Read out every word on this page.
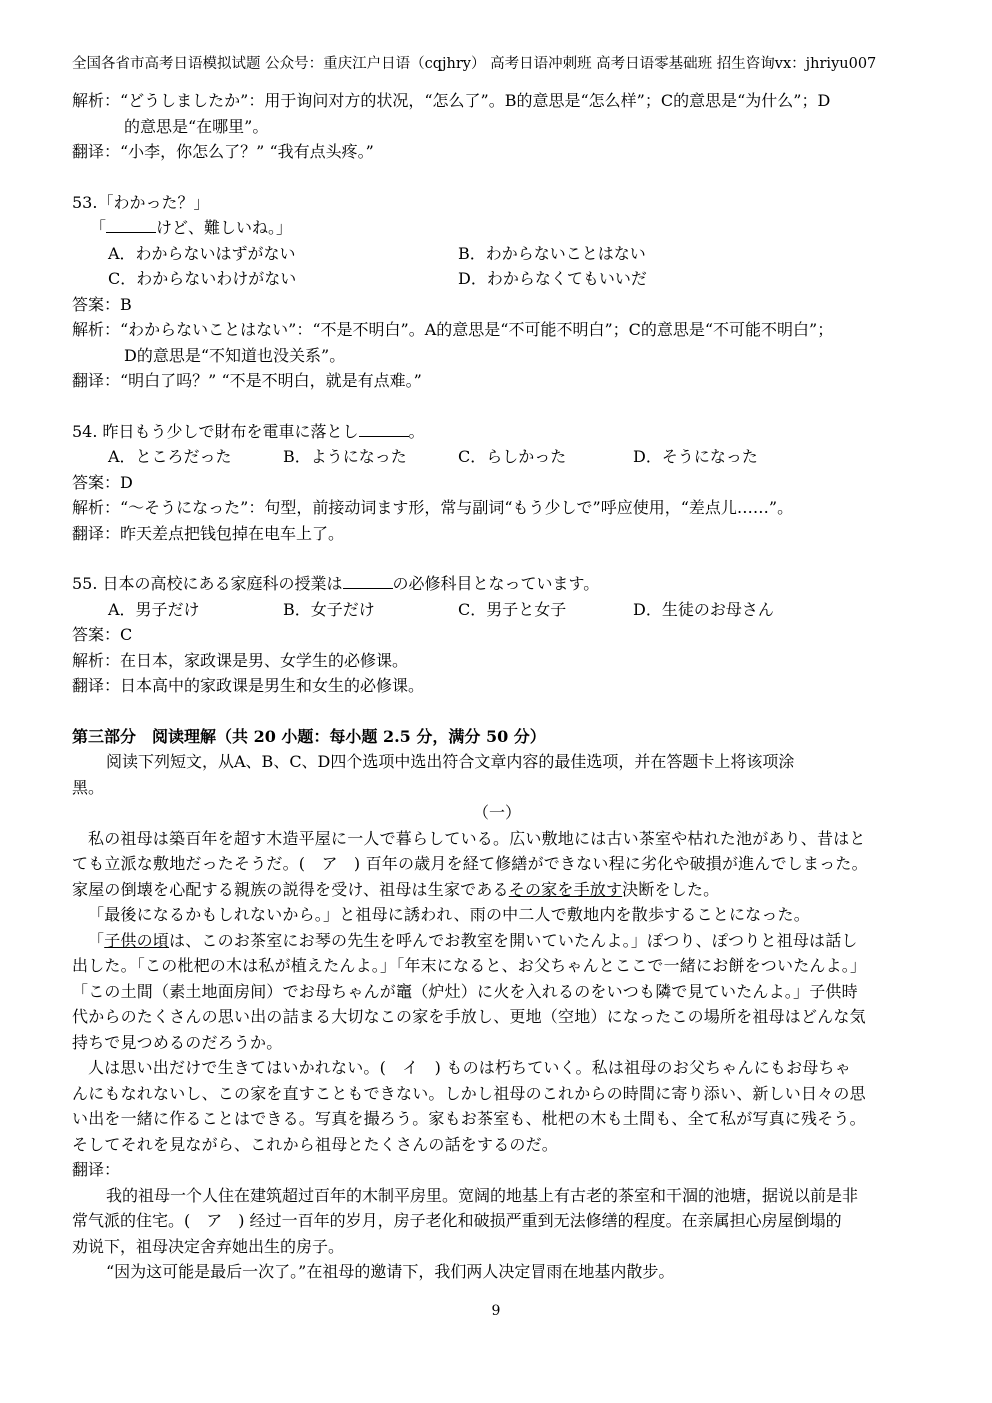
全国各省市高考日语模拟试题 公众号：重庆江户日语（cqjhry） 高考日语冲刺班 高考日语零基础班 招生咨询vx：jhriyu007
解析：“どうしましたか”：用于询问对方的状况，“怎么了”。B的意思是“怎么样”；C的意思是“为什么”；D
的意思是“在哪里”。
翻译：“小李，你怎么了？” “我有点头疼。”
53.「わかった？」
「	けど、難しいね。」
A．わからないはずがない	B．わからないことはない
C．わからないわけがない	D．わからなくてもいいだ
答案：B
解析：“わからないことはない”：“不是不明白”。A的意思是“不可能不明白”；C的意思是“不可能不明白”；
D的意思是“不知道也没关系”。
翻译：“明白了吗？” “不是不明白，就是有点难。”
54. 昨日もう少しで財布を電車に落とし	。
A．ところだった	B．ようになった	C．らしかった	D．そうになった
答案：D
解析：“～そうになった”：句型，前接动词ます形，常与副词“もう少しで”呼应使用，“差点儿……”。
翻译：昨天差点把钱包掉在电车上了。
55. 日本の高校にある家庭科の授業は	の必修科目となっています。
A．男子だけ	B．女子だけ	C．男子と女子	D．生徒のお母さん
答案：C
解析：在日本，家政课是男、女学生的必修课。
翻译：日本高中的家政课是男生和女生的必修课。
第三部分　阅读理解（共 20 小题：每小题 2.5 分，满分 50 分）
阅读下列短文，从A、B、C、D四个选项中选出符合文章内容的最佳选项，并在答题卡上将该项涂
黑。
（一）
私の祖母は築百年を超す木造平屋に一人で暮らしている。広い敷地には古い茶室や枯れた池があり、昔はと
ても立派な敷地だったそうだ。(　ア　) 百年の歳月を経て修繕ができない程に劣化や破損が進んでしまった。
家屋の倒壊を心配する親族の説得を受け、祖母は生家であるその家を手放す決断をした。
「最後になるかもしれないから。」と祖母に誘われ、雨の中二人で敷地内を散歩することになった。
「子供の頃は、このお茶室にお琴の先生を呼んでお教室を開いていたんよ。」ぽつり、ぽつりと祖母は話し
出した。「この枇杷の木は私が植えたんよ。」「年末になると、お父ちゃんとここで一緒にお餅をついたんよ。」
「この土間（素土地面房间）でお母ちゃんが竈（炉灶）に火を入れるのをいつも隣で見ていたんよ。」子供時
代からのたくさんの思い出の詰まる大切なこの家を手放し、更地（空地）になったこの場所を祖母はどんな気
持ちで見つめるのだろうか。
人は思い出だけで生きてはいかれない。(　イ　) ものは朽ちていく。私は祖母のお父ちゃんにもお母ちゃ
んにもなれないし、この家を直すこともできない。しかし祖母のこれからの時間に寄り添い、新しい日々の思
い出を一緒に作ることはできる。写真を撮ろう。家もお茶室も、枇杷の木も土間も、全て私が写真に残そう。
そしてそれを見ながら、これから祖母とたくさんの話をするのだ。
翻译：
我的祖母一个人住在建筑超过百年的木制平房里。宽阔的地基上有古老的茶室和干涸的池塘，据说以前是非
常气派的住宅。(　ア　) 经过一百年的岁月，房子老化和破损严重到无法修缮的程度。在亲属担心房屋倒塌的
劝说下，祖母决定舍弃她出生的房子。
“因为这可能是最后一次了。”在祖母的邀请下，我们两人决定冒雨在地基内散步。
9
